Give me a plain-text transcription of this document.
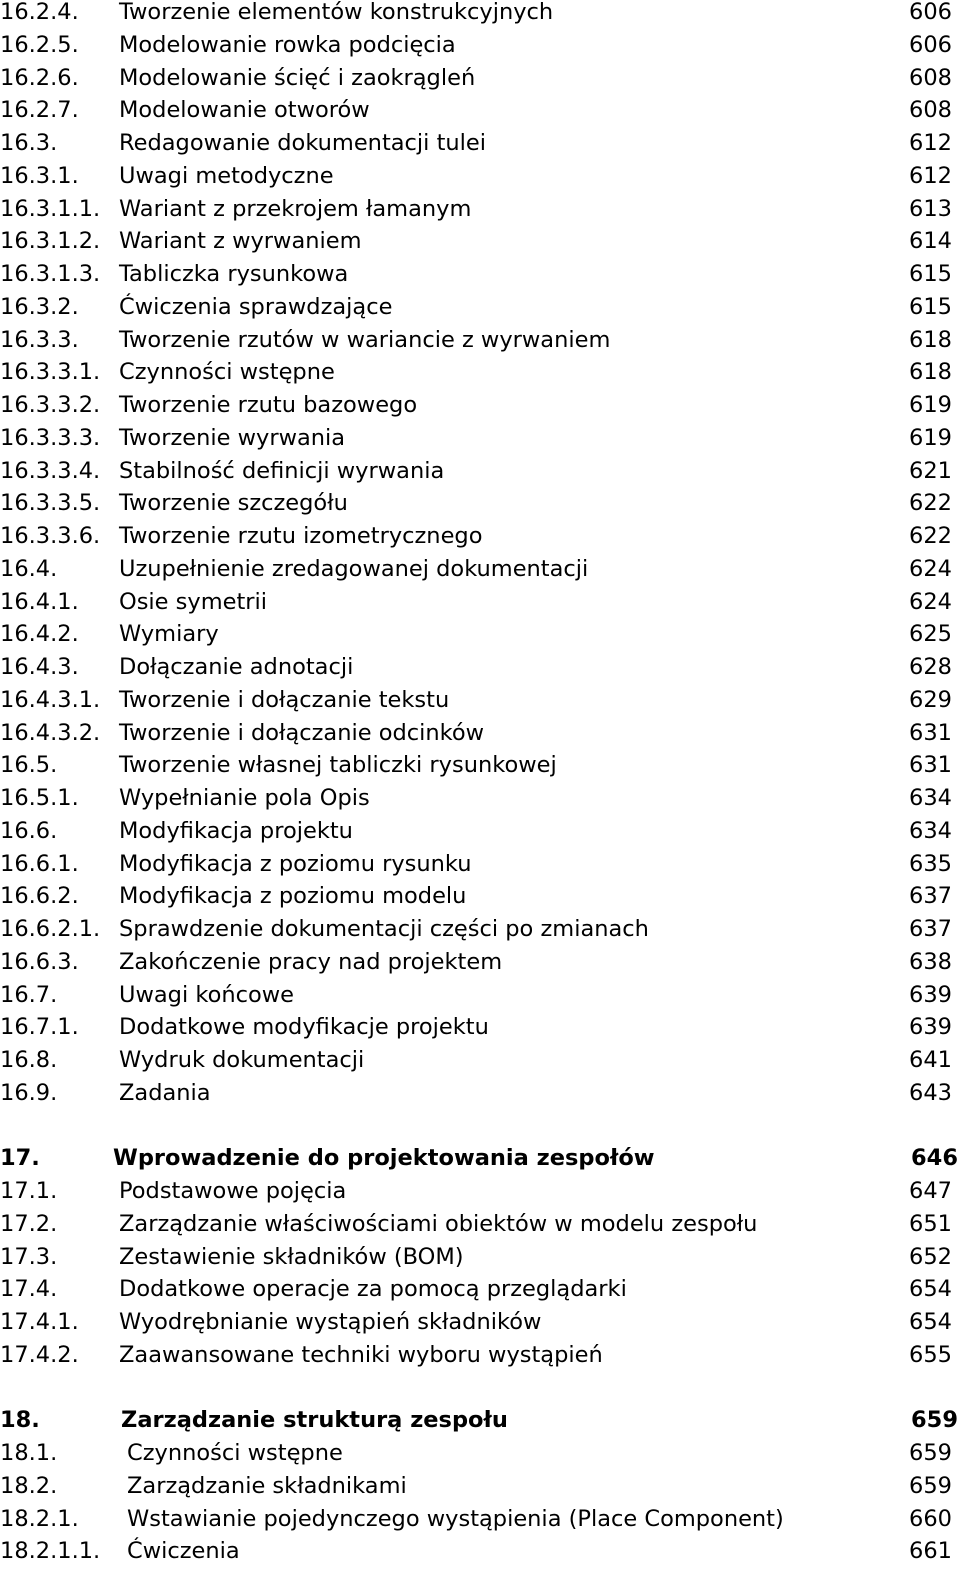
16.2.4. Tworzenie elementów konstrukcyjnych	606
16.2.5. Modelowanie rowka podcięcia	606
16.2.6. Modelowanie ścięć i zaokrągleń	608
16.2.7. Modelowanie otworów	608
16.3.	Redagowanie dokumentacji tulei	612
16.3.1. Uwagi metodyczne	612
16.3.1.1. Wariant z przekrojem łamanym	613
16.3.1.2. Wariant z wyrwaniem	614
16.3.1.3. Tabliczka rysunkowa	615
16.3.2. Ćwiczenia sprawdzające	615
16.3.3. Tworzenie rzutów w wariancie z wyrwaniem	618
16.3.3.1. Czynności wstępne	618
16.3.3.2. Tworzenie rzutu bazowego	619
16.3.3.3. Tworzenie wyrwania	619
16.3.3.4. Stabilność definicji wyrwania	621
16.3.3.5. Tworzenie szczegółu	622
16.3.3.6. Tworzenie rzutu izometrycznego	622
16.4.	Uzupełnienie zredagowanej dokumentacji	624
16.4.1. Osie symetrii	624
16.4.2. Wymiary	625
16.4.3. Dołączanie adnotacji	628
16.4.3.1. Tworzenie i dołączanie tekstu	629
16.4.3.2. Tworzenie i dołączanie odcinków	631
16.5.	Tworzenie własnej tabliczki rysunkowej	631
16.5.1. Wypełnianie pola Opis	634
16.6.	Modyfikacja projektu	634
16.6.1. Modyfikacja z poziomu rysunku	635
16.6.2. Modyfikacja z poziomu modelu	637
16.6.2.1. Sprawdzenie dokumentacji części po zmianach	637
16.6.3. Zakończenie pracy nad projektem	638
16.7.	Uwagi końcowe	639
16.7.1. Dodatkowe modyfikacje projektu	639
16.8.	Wydruk dokumentacji	641
16.9.	Zadania	643
17.	Wprowadzenie do projektowania zespołów	646
17.1.	Podstawowe pojęcia	647
17.2.	Zarządzanie właściwościami obiektów w modelu zespołu	651
17.3.	Zestawienie składników (BOM)	652
17.4.	Dodatkowe operacje za pomocą przeglądarki	654
17.4.1. Wyodrębnianie wystąpień składników	654
17.4.2. Zaawansowane techniki wyboru wystąpień	655
18.	Zarządzanie strukturą zespołu	659
18.1.	Czynności wstępne	659
18.2.	Zarządzanie składnikami	659
18.2.1. Wstawianie pojedynczego wystąpienia (Place Component)	660
18.2.1.1. Ćwiczenia	661
